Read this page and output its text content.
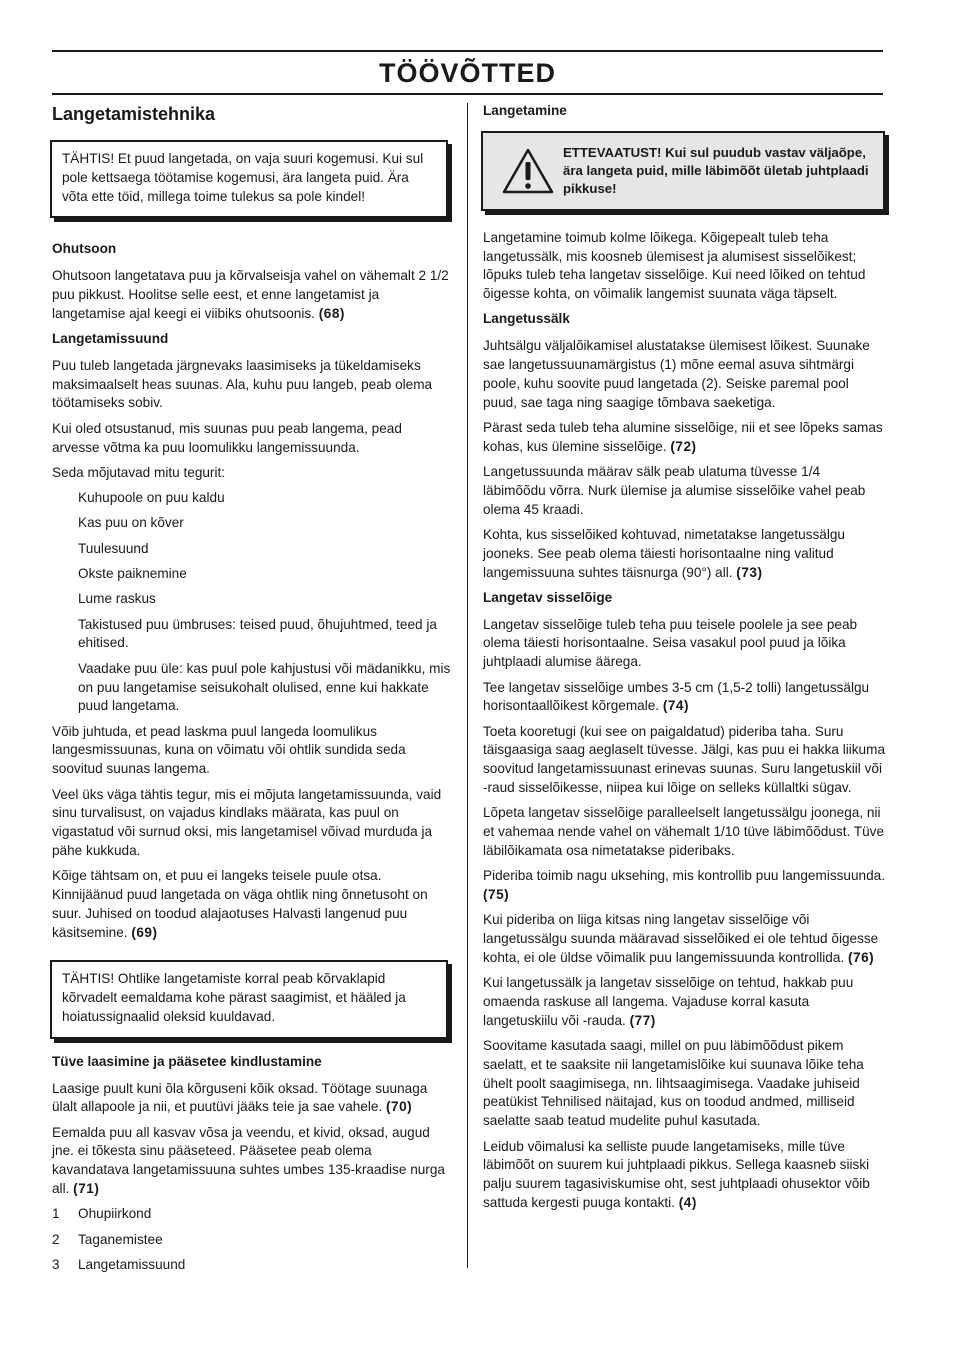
TÖÖVÕTTED
Langetamistehnika
TÄHTIS! Et puud langetada, on vaja suuri kogemusi. Kui sul pole kettsaega töötamise kogemusi, ära langeta puid. Ära võta ette töid, millega toime tulekus sa pole kindel!
Ohutsoon

Ohutsoon langetatava puu ja kõrvalseisja vahel on vähemalt 2 1/2 puu pikkust. Hoolitse selle eest, et enne langetamist ja langetamise ajal keegi ei viibiks ohutsoonis. (68)

Langetamissuund

Puu tuleb langetada järgnevaks laasimiseks ja tükeldamiseks maksimaalselt heas suunas. Ala, kuhu puu langeb, peab olema töötamiseks sobiv.

Kui oled otsustanud, mis suunas puu peab langema, pead arvesse võtma ka puu loomulikku langemissuunda.

Seda mõjutavad mitu tegurit:

Kuhupoole on puu kaldu

Kas puu on kõver

Tuulesuund

Okste paiknemine

Lume raskus

Takistused puu ümbruses: teised puud, õhujuhtmed, teed ja ehitised.

Vaadake puu üle: kas puul pole kahjustusi või mädanikku, mis on puu langetamise seisukohalt olulised, enne kui hakkate puud langetama.

Võib juhtuda, et pead laskma puul langeda loomulikus langesmissuunas, kuna on võimatu või ohtlik sundida seda soovitud suunas langema.

Veel üks väga tähtis tegur, mis ei mõjuta langetamissuunda, vaid sinu turvalisust, on vajadus kindlaks määrata, kas puul on vigastatud või surnud oksi, mis langetamisel võivad murduda ja pähe kukkuda.

Kõige tähtsam on, et puu ei langeks teisele puule otsa. Kinnijäänud puud langetada on väga ohtlik ning õnnetusoht on suur. Juhised on toodud alajaotuses Halvasti langenud puu käsitsemine. (69)

TÄHTIS! Ohtlike langetamiste korral peab kõrvaklapid kõrvadelt eemaldama kohe pärast saagimist, et hääled ja hoiatussignaalid oleksid kuuldavad.
Tüve laasimine ja pääsetee kindlustamine

Laasige puult kuni õla kõrguseni kõik oksad. Töötage suunaga ülalt allapoole ja nii, et puutüvi jääks teie ja sae vahele. (70)

Eemalda puu all kasvav võsa ja veendu, et kivid, oksad, augud jne. ei tõkesta sinu pääseteed. Pääsetee peab olema kavandatava langetamissuuna suhtes umbes 135-kraadise nurga all. (71)

1	Ohupiirkond
2	Taganemistee
3	Langetamissuund
Langetamine
ETTEVAATUST! Kui sul puudub vastav väljaõpe, ära langeta puid, mille läbimõõt ületab juhtplaadi pikkuse!

Langetamine toimub kolme lõikega. Kõigepealt tuleb teha langetussälk, mis koosneb ülemisest ja alumisest sisselõikest; lõpuks tuleb teha langetav sisselõige. Kui need lõiked on tehtud õigesse kohta, on võimalik langemist suunata väga täpselt.

Langetussälk

Juhtsälgu väljalõikamisel alustatakse ülemisest lõikest. Suunake sae langetussuunamärgistus (1) mõne eemal asuva sihtmärgi poole, kuhu soovite puud langetada (2). Seiske paremal pool puud, sae taga ning saagige tõmbava saeketiga.

Pärast seda tuleb teha alumine sisselõige, nii et see lõpeks samas kohas, kus ülemine sisselõige. (72)

Langetussuunda määrav sälk peab ulatuma tüvesse 1/4 läbimõõdu võrra. Nurk ülemise ja alumise sisselõike vahel peab olema 45 kraadi.

Kohta, kus sisselõiked kohtuvad, nimetatakse langetussälgu jooneks. See peab olema täiesti horisontaalne ning valitud langemissuuna suhtes täisnurga (90°) all. (73)

Langetav sisselõige

Langetav sisselõige tuleb teha puu teisele poolele ja see peab olema täiesti horisontaalne. Seisa vasakul pool puud ja lõika juhtplaadi alumise äärega.

Tee langetav sisselõige umbes 3-5 cm (1,5-2 tolli) langetussälgu horisontaallõikest kõrgemale. (74)

Toeta kooretugi (kui see on paigaldatud) pideriba taha. Suru täisgaasiga saag aeglaselt tüvesse. Jälgi, kas puu ei hakka liikuma soovitud langetamissuunast erinevas suunas. Suru langetuskiil või -raud sisselõikesse, niipea kui lõige on selleks küllaltki sügav.

Lõpeta langetav sisselõige paralleelselt langetussälgu joonega, nii et vahemaa nende vahel on vähemalt 1/10 tüve läbimõõdust. Tüve läbilõikamata osa nimetatakse pideribaks.

Pideriba toimib nagu uksehing, mis kontrollib puu langemissuunda. (75)

Kui pideriba on liiga kitsas ning langetav sisselõige või langetussälgu suunda määravad sisselõiked ei ole tehtud õigesse kohta, ei ole üldse võimalik puu langemissuunda kontrollida. (76)

Kui langetussälk ja langetav sisselõige on tehtud, hakkab puu omaenda raskuse all langema. Vajaduse korral kasuta langetuskiilu või -rauda. (77)

Soovitame kasutada saagi, millel on puu läbimõõdust pikem saelatt, et te saaksite nii langetamislõike kui suunava lõike teha ühelt poolt saagimisega, nn. lihtsaagimisega. Vaadake juhiseid peatükist Tehnilised näitajad, kus on toodud andmed, milliseid saelatte saab teatud mudelite puhul kasutada.

Leidub võimalusi ka selliste puude langetamiseks, mille tüve läbimõõt on suurem kui juhtplaadi pikkus. Sellega kaasneb siiski palju suurem tagasiviskumise oht, sest juhtplaadi ohusektor võib sattuda kergesti puuga kontakti. (4)
